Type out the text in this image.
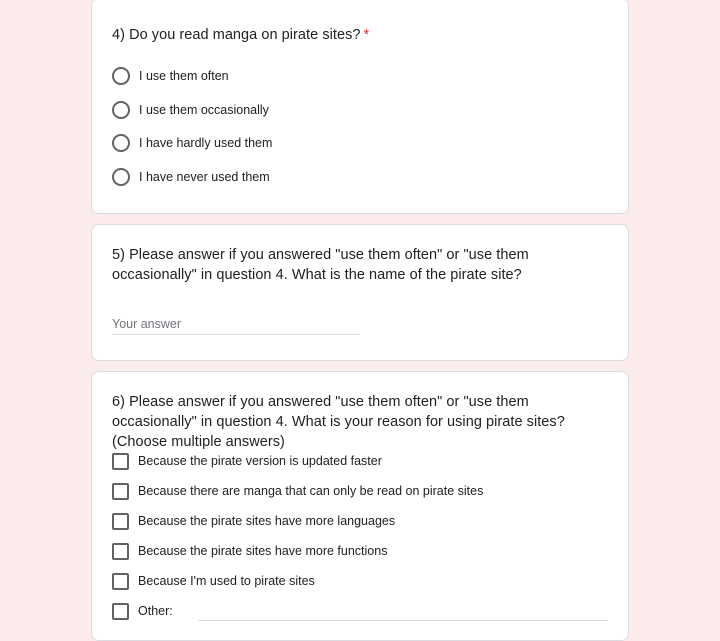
4) Do you read manga on pirate sites? *
I use them often
I use them occasionally
I have hardly used them
I have never used them
5) Please answer if you answered "use them often" or "use them occasionally" in question 4. What is the name of the pirate site?
Your answer
6) Please answer if you answered "use them often" or "use them occasionally" in question 4. What is your reason for using pirate sites? (Choose multiple answers)
Because the pirate version is updated faster
Because there are manga that can only be read on pirate sites
Because the pirate sites have more languages
Because the pirate sites have more functions
Because I'm used to pirate sites
Other:
